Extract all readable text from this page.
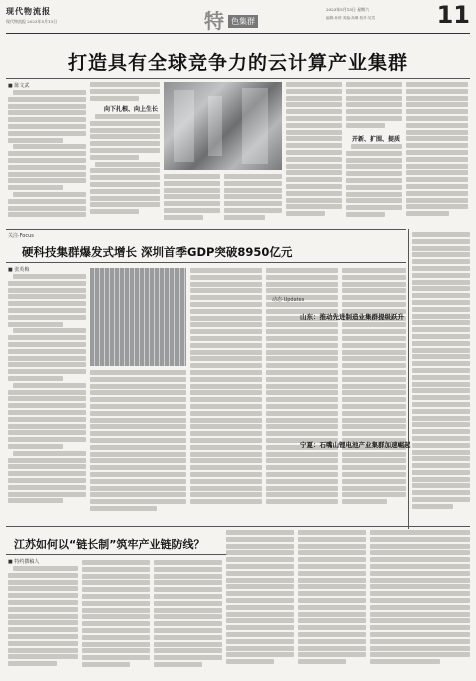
现代物流报
现代物流报 2023年5月13日	特 色集群
2023年5月13日 星期六
编辑:孙婷 美编:高琳 校对:吴雪	11
打造具有全球竞争力的云计算产业集群
■ 陈文武
向下扎根、向上生长
开新、扩围、提质
关注·Focus
硬科技集群爆发式增长 深圳首季GDP突破8950亿元
■ 张英梅
动态·Updates
山东：推动先进制造业集群提级跃升
宁夏：石嘴山锂电池产业集群加速崛起
江苏如何以“链长制”筑牢产业链防线？
■ 特约撰稿人
